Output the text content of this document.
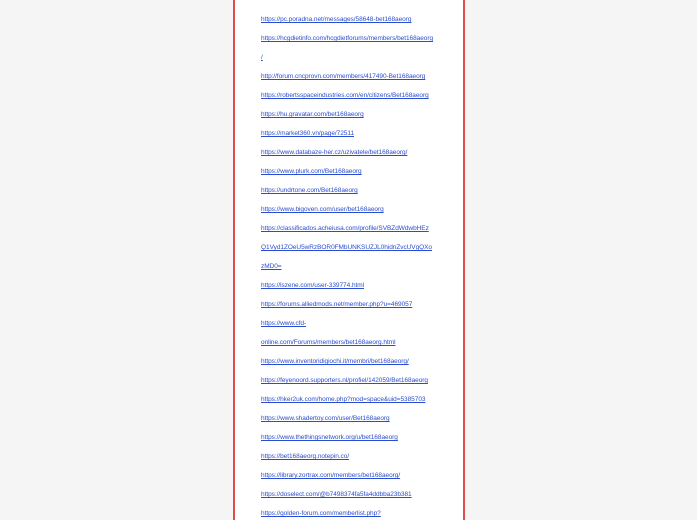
https://pc.poradna.net/messages/58648-bet168aeorg
https://hcgdietinfo.com/hcgdietforums/members/bet168aeorg
/
http://forum.cncprovn.com/members/417490-Bet168aeorg
https://robertsspaceindustries.com/en/citizens/Bet168aeorg
https://hu.gravatar.com/bet168aeorg
https://market360.vn/page/72511
https://www.databaze-her.cz/uzivatele/bet168aeorg/
https://www.plurk.com/Bet168aeorg
https://undrtone.com/Bet168aeorg
https://www.bigoven.com/user/bet168aeorg
https://classificados.acheiusa.com/profile/SVBZdWdwbHEz
Q1Vyd1ZOeU5wRzBOR0FMbUNKSUZJL0hidnZvcUVgQXo
zMD0=
https://lszene.com/user-339774.html
https://forums.alliedmods.net/member.php?u=469057
https://www.cfd-
online.com/Forums/members/bet168aeorg.html
https://www.inventoridigiochi.it/membri/bet168aeorg/
https://feyenoord.supporters.nl/profiel/142059/Bet168aeorg
https://hker2uk.com/home.php?mod=space&uid=5385703
https://www.shadertoy.com/user/Bet168aeorg
https://www.thethingsnetwork.org/u/bet168aeorg
https://bet168aeorg.notepin.co/
https://library.zortrax.com/members/bet168aeorg/
https://doselect.com/@b7498374fa5fa4ddbba23b381
https://golden-forum.com/memberlist.php?
